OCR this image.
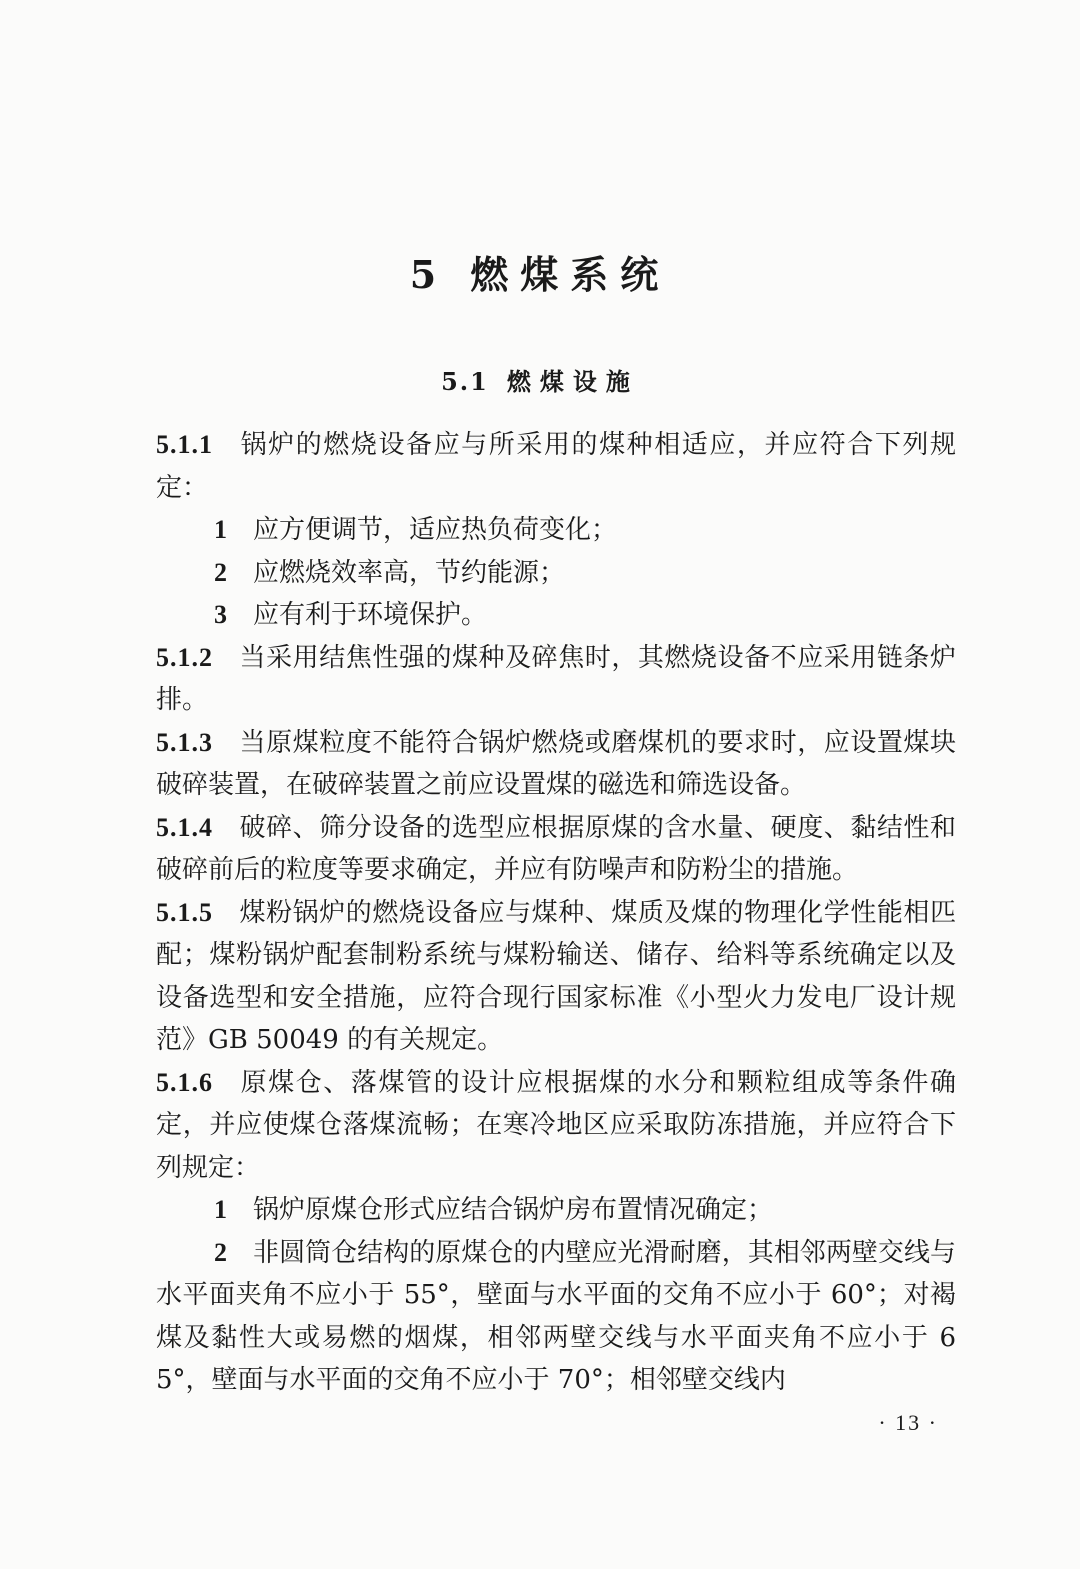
5 燃煤系统
5.1 燃煤设施

5.1.1 锅炉的燃烧设备应与所采用的煤种相适应，并应符合下列规定：

1 应方便调节，适应热负荷变化；

2 应燃烧效率高，节约能源；

3 应有利于环境保护。

5.1.2 当采用结焦性强的煤种及碎焦时，其燃烧设备不应采用链条炉排。

5.1.3 当原煤粒度不能符合锅炉燃烧或磨煤机的要求时，应设置煤块破碎装置，在破碎装置之前应设置煤的磁选和筛选设备。

5.1.4 破碎、筛分设备的选型应根据原煤的含水量、硬度、黏结性和破碎前后的粒度等要求确定，并应有防噪声和防粉尘的措施。

5.1.5 煤粉锅炉的燃烧设备应与煤种、煤质及煤的物理化学性能相匹配；煤粉锅炉配套制粉系统与煤粉输送、储存、给料等系统确定以及设备选型和安全措施，应符合现行国家标准《小型火力发电厂设计规范》GB 50049 的有关规定。

5.1.6 原煤仓、落煤管的设计应根据煤的水分和颗粒组成等条件确定，并应使煤仓落煤流畅；在寒冷地区应采取防冻措施，并应符合下列规定：

1 锅炉原煤仓形式应结合锅炉房布置情况确定；

2 非圆筒仓结构的原煤仓的内壁应光滑耐磨，其相邻两壁交线与水平面夹角不应小于 55°，壁面与水平面的交角不应小于 60°；对褐煤及黏性大或易燃的烟煤，相邻两壁交线与水平面夹角不应小于 65°，壁面与水平面的交角不应小于 70°；相邻壁交线内

· 13 ·
